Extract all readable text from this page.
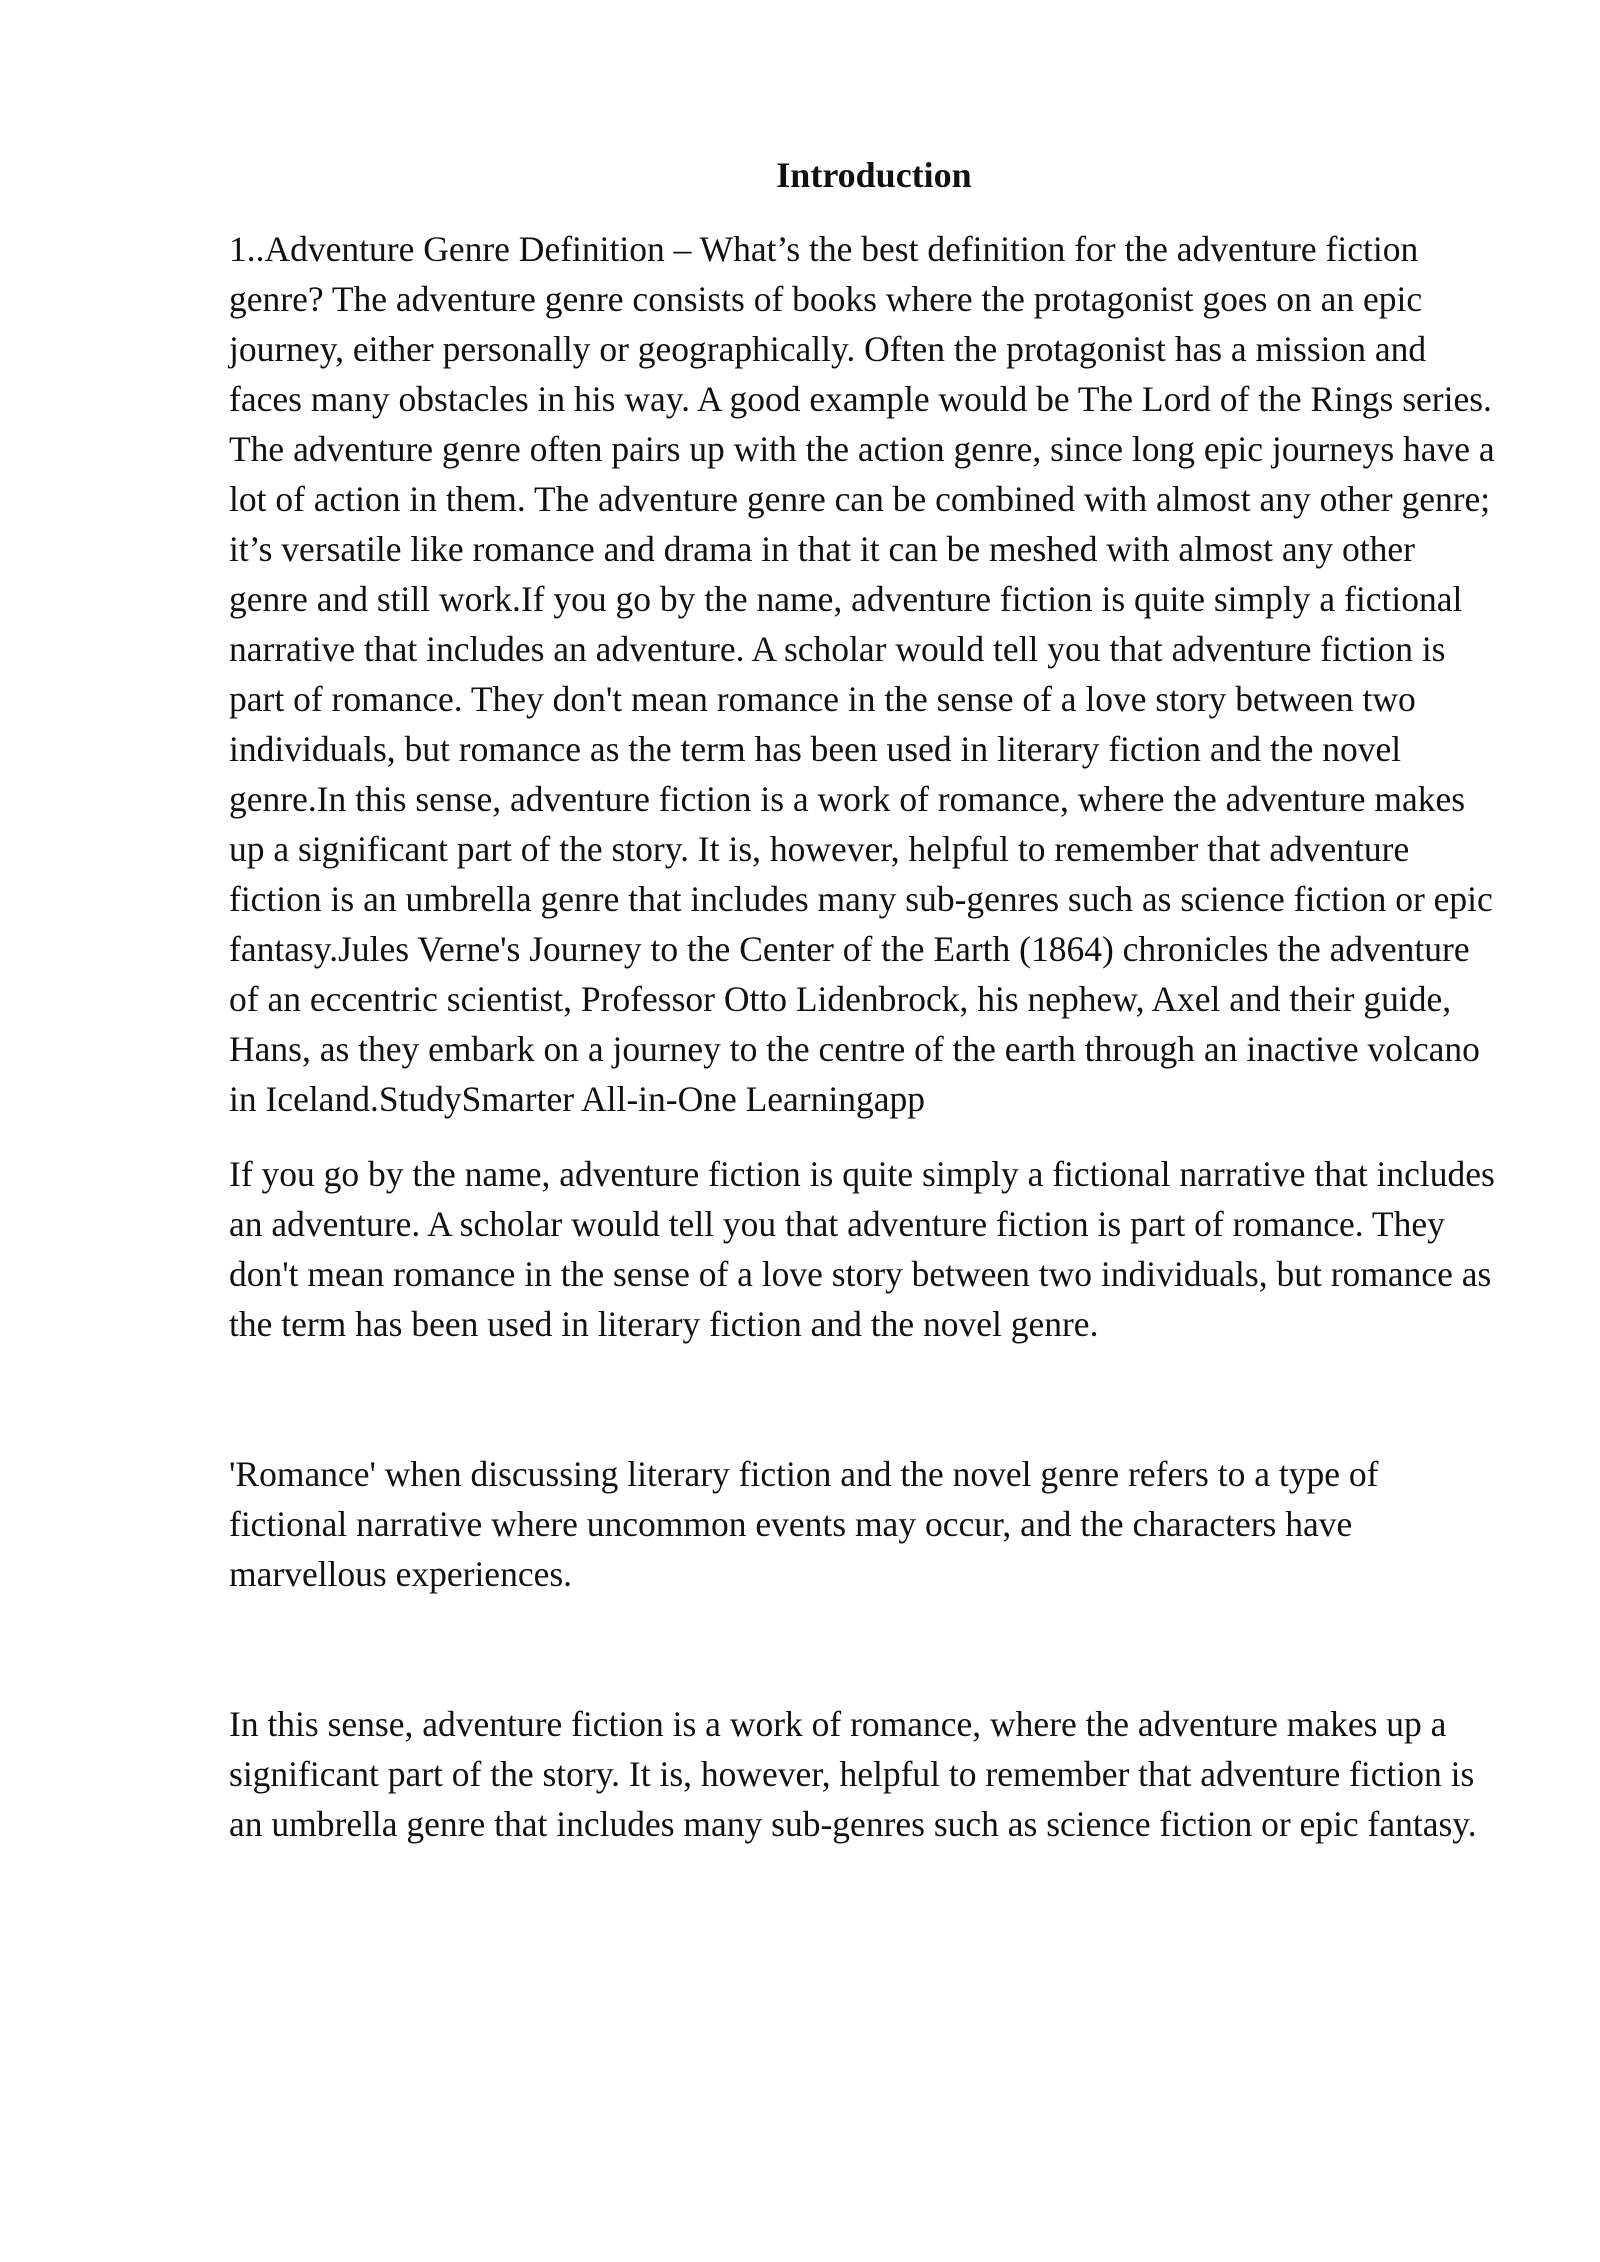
Introduction

1..Adventure Genre Definition – What’s the best definition for the adventure fiction genre? The adventure genre consists of books where the protagonist goes on an epic journey, either personally or geographically. Often the protagonist has a mission and faces many obstacles in his way. A good example would be The Lord of the Rings series. The adventure genre often pairs up with the action genre, since long epic journeys have a lot of action in them. The adventure genre can be combined with almost any other genre; it’s versatile like romance and drama in that it can be meshed with almost any other genre and still work.If you go by the name, adventure fiction is quite simply a fictional narrative that includes an adventure. A scholar would tell you that adventure fiction is part of romance. They don't mean romance in the sense of a love story between two individuals, but romance as the term has been used in literary fiction and the novel genre.In this sense, adventure fiction is a work of romance, where the adventure makes up a significant part of the story. It is, however, helpful to remember that adventure fiction is an umbrella genre that includes many sub-genres such as science fiction or epic fantasy.Jules Verne's Journey to the Center of the Earth (1864) chronicles the adventure of an eccentric scientist, Professor Otto Lidenbrock, his nephew, Axel and their guide, Hans, as they embark on a journey to the centre of the earth through an inactive volcano in Iceland.StudySmarter All-in-One Learningapp

If you go by the name, adventure fiction is quite simply a fictional narrative that includes an adventure. A scholar would tell you that adventure fiction is part of romance. They don't mean romance in the sense of a love story between two individuals, but romance as the term has been used in literary fiction and the novel genre.

'Romance' when discussing literary fiction and the novel genre refers to a type of fictional narrative where uncommon events may occur, and the characters have marvellous experiences.

In this sense, adventure fiction is a work of romance, where the adventure makes up a significant part of the story. It is, however, helpful to remember that adventure fiction is an umbrella genre that includes many sub-genres such as science fiction or epic fantasy.
